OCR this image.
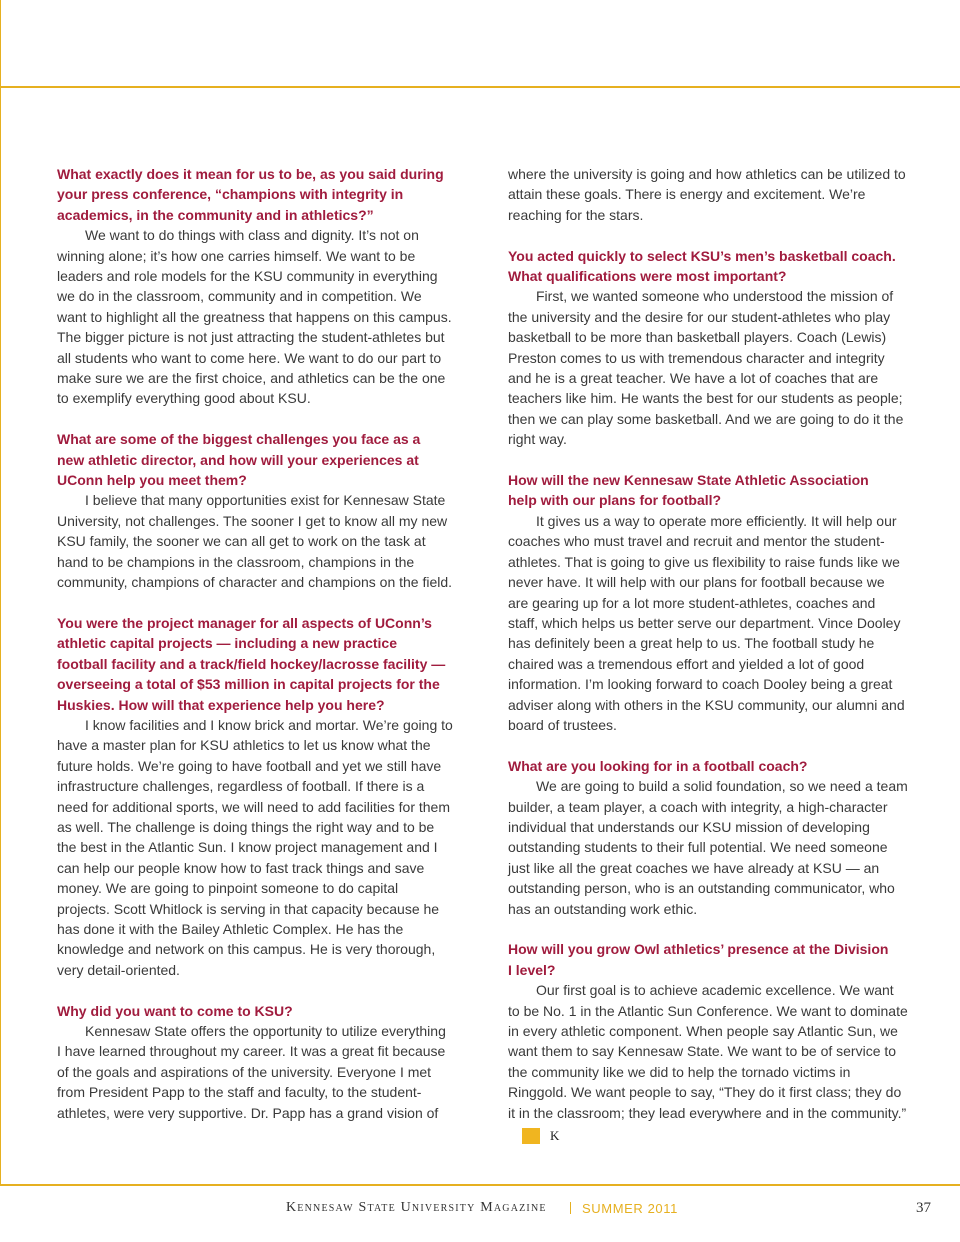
What exactly does it mean for us to be, as you said during
your press conference, “champions with integrity in
academics, in the community and in athletics?”

We want to do things with class and dignity. It’s not on winning alone; it’s how one carries himself. We want to be leaders and role models for the KSU community in everything we do in the classroom, community and in competition. We want to highlight all the greatness that happens on this campus. The bigger picture is not just attracting the student-athletes but all students who want to come here. We want to do our part to make sure we are the first choice, and athletics can be the one to exemplify everything good about KSU.

What are some of the biggest challenges you face as a
new athletic director, and how will your experiences at
UConn help you meet them?

I believe that many opportunities exist for Kennesaw State University, not challenges. The sooner I get to know all my new KSU family, the sooner we can all get to work on the task at hand to be champions in the classroom, champions in the community, champions of character and champions on the field.

You were the project manager for all aspects of UConn’s
athletic capital projects — including a new practice
football facility and a track/field hockey/lacrosse facility —
overseeing a total of $53 million in capital projects for the
Huskies. How will that experience help you here?

I know facilities and I know brick and mortar. We’re going to have a master plan for KSU athletics to let us know what the future holds. We’re going to have football and yet we still have infrastructure challenges, regardless of football. If there is a need for additional sports, we will need to add facilities for them as well. The challenge is doing things the right way and to be the best in the Atlantic Sun. I know project management and I can help our people know how to fast track things and save money. We are going to pinpoint someone to do capital projects. Scott Whitlock is serving in that capacity because he has done it with the Bailey Athletic Complex. He has the knowledge and network on this campus. He is very thorough, very detail-oriented.

Why did you want to come to KSU?

Kennesaw State offers the opportunity to utilize everything I have learned throughout my career. It was a great fit because of the goals and aspirations of the university. Everyone I met from President Papp to the staff and faculty, to the student-athletes, were very supportive. Dr. Papp has a grand vision of

where the university is going and how athletics can be utilized to attain these goals. There is energy and excitement. We’re reaching for the stars.

You acted quickly to select KSU’s men’s basketball coach.
What qualifications were most important?

First, we wanted someone who understood the mission of the university and the desire for our student-athletes who play basketball to be more than basketball players. Coach (Lewis) Preston comes to us with tremendous character and integrity and he is a great teacher. We have a lot of coaches that are teachers like him. He wants the best for our students as people; then we can play some basketball. And we are going to do it the right way.

How will the new Kennesaw State Athletic Association
help with our plans for football?

It gives us a way to operate more efficiently. It will help our coaches who must travel and recruit and mentor the student-athletes. That is going to give us flexibility to raise funds like we never have. It will help with our plans for football because we are gearing up for a lot more student-athletes, coaches and staff, which helps us better serve our department. Vince Dooley has definitely been a great help to us. The football study he chaired was a tremendous effort and yielded a lot of good information. I’m looking forward to coach Dooley being a great adviser along with others in the KSU community, our alumni and board of trustees.

What are you looking for in a football coach?

We are going to build a solid foundation, so we need a team builder, a team player, a coach with integrity, a high-character individual that understands our KSU mission of developing outstanding students to their full potential. We need someone just like all the great coaches we have already at KSU — an outstanding person, who is an outstanding communicator, who has an outstanding work ethic.

How will you grow Owl athletics’ presence at the Division
I level?

Our first goal is to achieve academic excellence. We want to be No. 1 in the Atlantic Sun Conference. We want to dominate in every athletic component. When people say Atlantic Sun, we want them to say Kennesaw State. We want to be of service to the community like we did to help the tornado victims in Ringgold. We want people to say, “They do it first class; they do it in the classroom; they lead everywhere and in the community.”K

Kennesaw State University Magazine	SUMMER 2011	37
